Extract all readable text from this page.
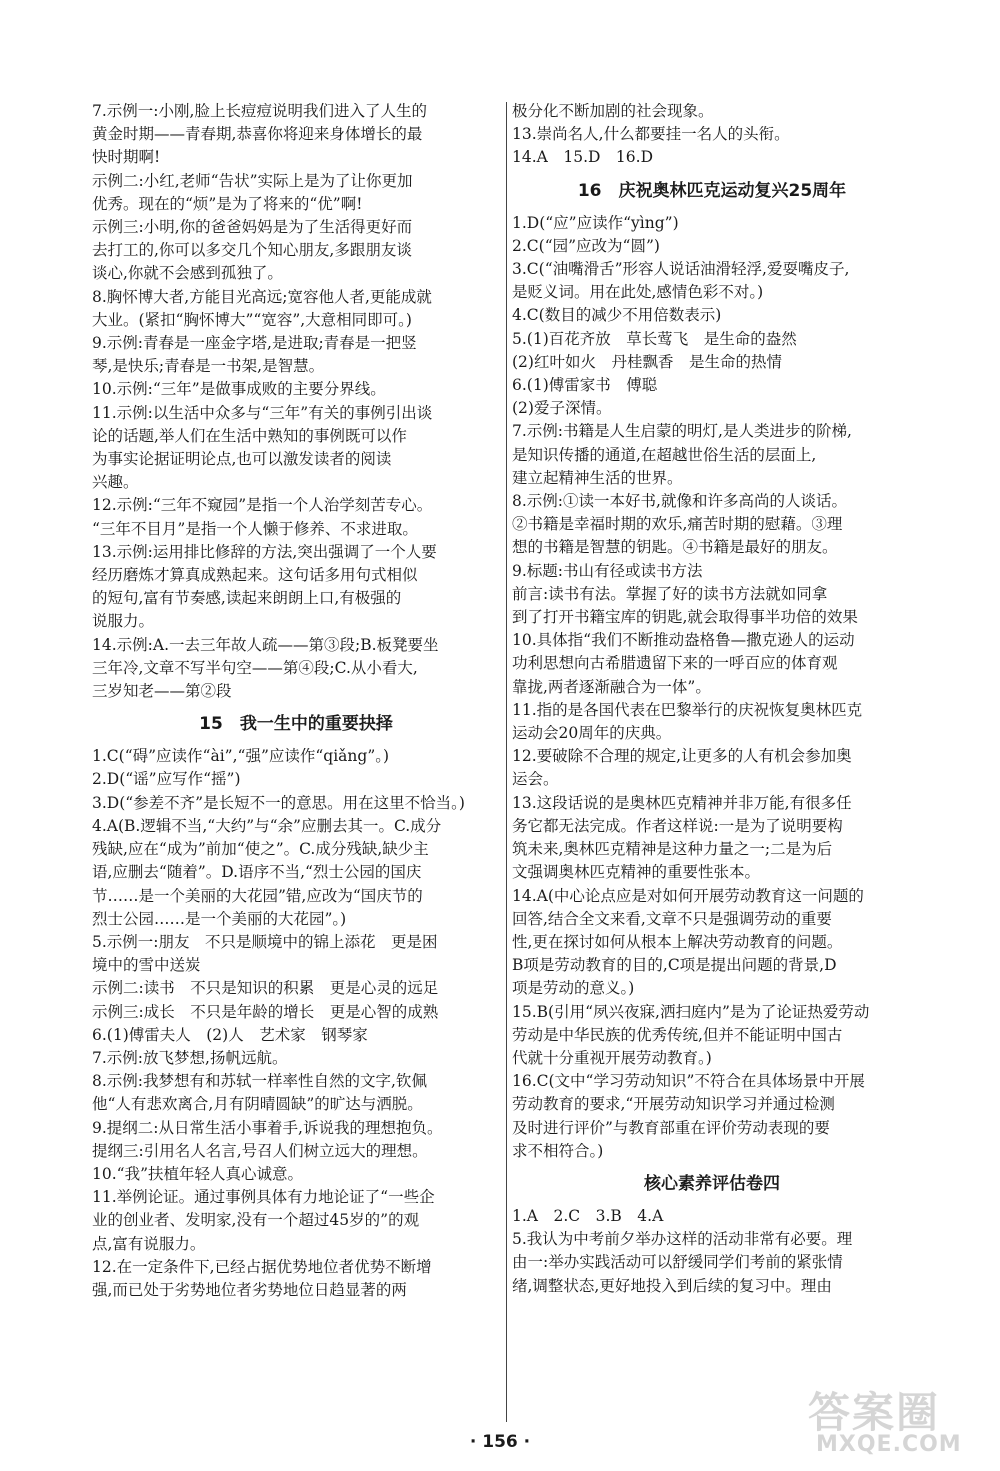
7.示例一:小刚,脸上长痘痘说明我们进入了人生的
黄金时期——青春期,恭喜你将迎来身体增长的最
快时期啊!
示例二:小红,老师“告状”实际上是为了让你更加
优秀。现在的“烦”是为了将来的“优”啊!
示例三:小明,你的爸爸妈妈是为了生活得更好而
去打工的,你可以多交几个知心朋友,多跟朋友谈
谈心,你就不会感到孤独了。
8.胸怀博大者,方能目光高远;宽容他人者,更能成就
大业。(紧扣“胸怀博大”“宽容”,大意相同即可。)
9.示例:青春是一座金字塔,是进取;青春是一把竖
琴,是快乐;青春是一书架,是智慧。
10.示例:“三年”是做事成败的主要分界线。
11.示例:以生活中众多与“三年”有关的事例引出谈
论的话题,举人们在生活中熟知的事例既可以作
为事实论据证明论点,也可以激发读者的阅读
兴趣。
12.示例:“三年不窥园”是指一个人治学刻苦专心。
“三年不目月”是指一个人懒于修养、不求进取。
13.示例:运用排比修辞的方法,突出强调了一个人要
经历磨炼才算真成熟起来。这句话多用句式相似
的短句,富有节奏感,读起来朗朗上口,有极强的
说服力。
14.示例:A.一去三年故人疏——第③段;B.板凳要坐
三年冷,文章不写半句空——第④段;C.从小看大,
三岁知老——第②段
15　我一生中的重要抉择
1.C(“碍”应读作“ài”,“强”应读作“qiǎng”。)
2.D(“谣”应写作“摇”)
3.D(“参差不齐”是长短不一的意思。用在这里不恰当。)
4.A(B.逻辑不当,“大约”与“余”应删去其一。C.成分
残缺,应在“成为”前加“使之”。C.成分残缺,缺少主
语,应删去“随着”。D.语序不当,“烈士公园的国庆
节……是一个美丽的大花园”错,应改为“国庆节的
烈士公园……是一个美丽的大花园”。)
5.示例一:朋友　不只是顺境中的锦上添花　更是困
境中的雪中送炭
示例二:读书　不只是知识的积累　更是心灵的远足
示例三:成长　不只是年龄的增长　更是心智的成熟
6.(1)傅雷夫人　(2)人　艺术家　钢琴家
7.示例:放飞梦想,扬帆远航。
8.示例:我梦想有和苏轼一样率性自然的文字,钦佩
他“人有悲欢离合,月有阴晴圆缺”的旷达与洒脱。
9.提纲二:从日常生活小事着手,诉说我的理想抱负。
提纲三:引用名人名言,号召人们树立远大的理想。
10.“我”扶植年轻人真心诚意。
11.举例论证。通过事例具体有力地论证了“一些企
业的创业者、发明家,没有一个超过45岁的”的观
点,富有说服力。
12.在一定条件下,已经占据优势地位者优势不断增
强,而已处于劣势地位者劣势地位日趋显著的两
极分化不断加剧的社会现象。
13.崇尚名人,什么都要挂一名人的头衔。
14.A　15.D　16.D
16　庆祝奥林匹克运动复兴25周年
1.D(“应”应读作“yìng”)
2.C(“园”应改为“圆”)
3.C(“油嘴滑舌”形容人说话油滑轻浮,爱耍嘴皮子,
是贬义词。用在此处,感情色彩不对。)
4.C(数目的减少不用倍数表示)
5.(1)百花齐放　草长莺飞　是生命的盎然
(2)红叶如火　丹桂飘香　是生命的热情
6.(1)傅雷家书　傅聪
(2)爱子深情。
7.示例:书籍是人生启蒙的明灯,是人类进步的阶梯,
是知识传播的通道,在超越世俗生活的层面上,
建立起精神生活的世界。
8.示例:①读一本好书,就像和许多高尚的人谈话。
②书籍是幸福时期的欢乐,痛苦时期的慰藉。③理
想的书籍是智慧的钥匙。④书籍是最好的朋友。
9.标题:书山有径或读书方法
前言:读书有法。掌握了好的读书方法就如同拿
到了打开书籍宝库的钥匙,就会取得事半功倍的效果
10.具体指“我们不断推动盎格鲁—撒克逊人的运动
功利思想向古希腊遗留下来的一呼百应的体育观
靠拢,两者逐渐融合为一体”。
11.指的是各国代表在巴黎举行的庆祝恢复奥林匹克
运动会20周年的庆典。
12.要破除不合理的规定,让更多的人有机会参加奥
运会。
13.这段话说的是奥林匹克精神并非万能,有很多任
务它都无法完成。作者这样说:一是为了说明要构
筑未来,奥林匹克精神是这种力量之一;二是为后
文强调奥林匹克精神的重要性张本。
14.A(中心论点应是对如何开展劳动教育这一问题的
回答,结合全文来看,文章不只是强调劳动的重要
性,更在探讨如何从根本上解决劳动教育的问题。
B项是劳动教育的目的,C项是提出问题的背景,D
项是劳动的意义。)
15.B(引用“夙兴夜寐,洒扫庭内”是为了论证热爱劳动
劳动是中华民族的优秀传统,但并不能证明中国古
代就十分重视开展劳动教育。)
16.C(文中“学习劳动知识”不符合在具体场景中开展
劳动教育的要求,“开展劳动知识学习并通过检测
及时进行评价”与教育部重在评价劳动表现的要
求不相符合。)
核心素养评估卷四
1.A　2.C　3.B　4.A
5.我认为中考前夕举办这样的活动非常有必要。理
由一:举办实践活动可以舒缓同学们考前的紧张情
绪,调整状态,更好地投入到后续的复习中。理由
· 156 ·
答案圈
MXQE.COM
